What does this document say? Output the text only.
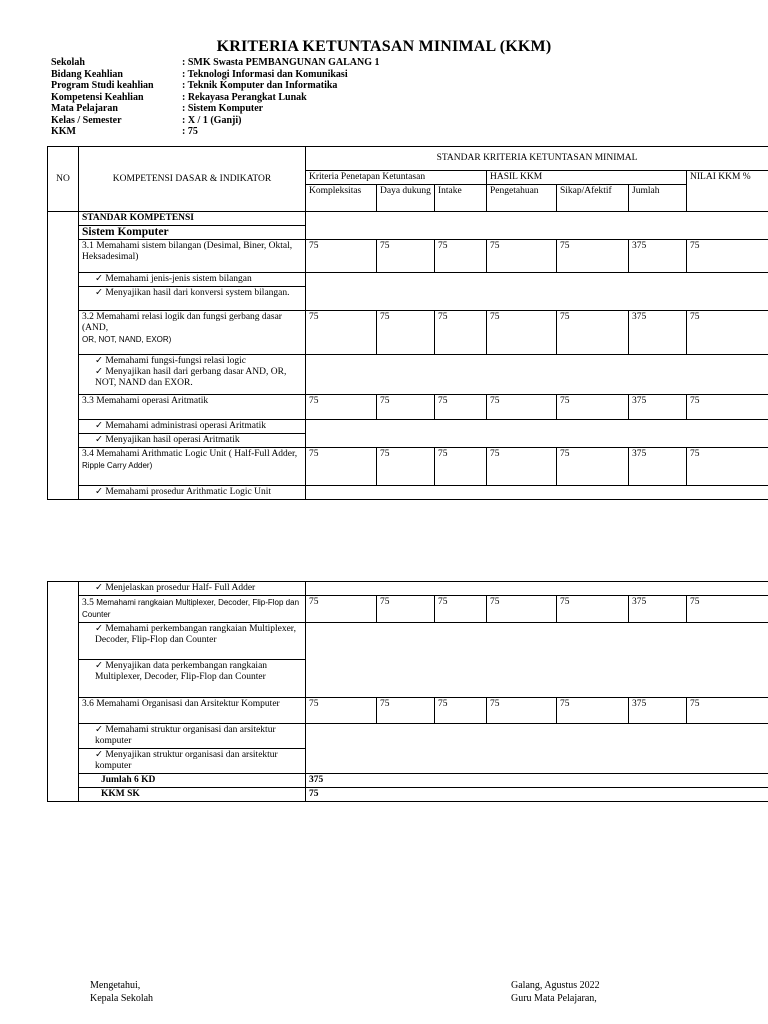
KRITERIA KETUNTASAN MINIMAL (KKM)
Sekolah	: SMK Swasta PEMBANGUNAN GALANG 1
Bidang Keahlian	: Teknologi Informasi dan Komunikasi
Program Studi keahlian	: Teknik Komputer dan Informatika
Kompetensi Keahlian	: Rekayasa Perangkat Lunak
Mata Pelajaran	: Sistem Komputer
Kelas / Semester	: X / 1 (Ganji)
KKM	: 75
NO	KOMPETENSI DASAR & INDIKATOR	STANDAR KRITERIA KETUNTASAN MINIMAL						
		Kriteria Penetapan Ketuntasan			HASIL KKM			NILAI KKM %
		Kompleksitas	Daya dukung	Intake	Pengetahuan	Sikap/Afektif	Jumlah	
	STANDAR KOMPETENSI							
	Sistem Komputer							
	3.1 Memahami sistem bilangan (Desimal, Biner, Oktal, Heksadesimal)	75	75	75	75	75	375	75
	✓ Memahami jenis-jenis sistem bilangan							
	✓ Menyajikan hasil dari konversi system bilangan.							
	3.2 Memahami relasi logik dan fungsi gerbang dasar (AND,
OR, NOT, NAND, EXOR)	75	75	75	75	75	375	75
	✓ Memahami fungsi-fungsi relasi logic
✓ Menyajikan hasil dari gerbang dasar AND, OR, NOT, NAND dan EXOR.							
	3.3 Memahami operasi Aritmatik	75	75	75	75	75	375	75
	✓ Memahami administrasi operasi Aritmatik							
	✓ Menyajikan hasil operasi Aritmatik							
	3.4 Memahami Arithmatic Logic Unit ( Half-Full Adder,
Ripple Carry Adder)	75	75	75	75	75	375	75
	✓ Memahami prosedur Arithmatic Logic Unit							
	✓ Menjelaskan prosedur Half- Full Adder							
	3.5 Memahami rangkaian Multiplexer, Decoder, Flip-Flop dan Counter	75	75	75	75	75	375	75
	✓ Memahami perkembangan rangkaian Multiplexer, Decoder, Flip-Flop dan Counter							
	✓ Menyajikan data perkembangan rangkaian Multiplexer, Decoder, Flip-Flop dan Counter							
	3.6 Memahami Organisasi dan Arsitektur Komputer	75	75	75	75	75	375	75
	✓ Memahami struktur organisasi dan arsitektur komputer							
	✓ Menyajikan struktur organisasi dan arsitektur komputer							
	Jumlah 6 KD	375						
	KKM SK	75						
Mengetahui,
Kepala Sekolah
Galang, Agustus 2022
Guru Mata Pelajaran,
